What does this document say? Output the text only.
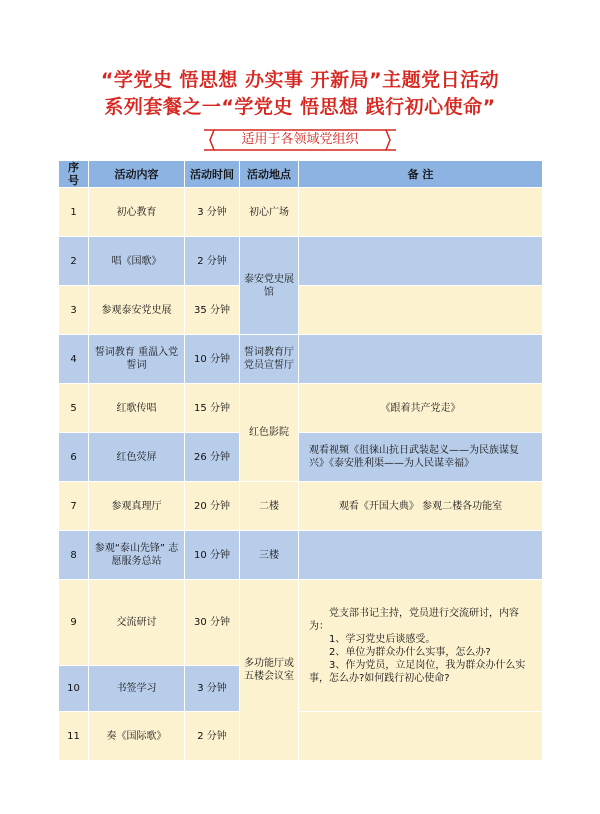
“学党史 悟思想 办实事 开新局”主题党日活动
系列套餐之一“学党史 悟思想 践行初心使命”
适用于各领域党组织
序号	活动内容	活动时间	活动地点	备 注
1	初心教育	3 分钟	初心广场	
2	唱《国歌》	2 分钟	泰安党史展馆	
3	参观泰安党史展	35 分钟		
4	誓词教育 重温入党誓词	10 分钟	誓词教育厅 党员宣誓厅	
5	红歌传唱	15 分钟	红色影院	《跟着共产党走》
6	红色荧屏	26 分钟		观看视频《徂徕山抗日武装起义——为民族谋复兴》《泰安胜利渠——为人民谋幸福》
7	参观真理厅	20 分钟	二楼	观看《开国大典》 参观二楼各功能室
8	参观“泰山先锋” 志愿服务总站	10 分钟	三楼	
9	交流研讨	30 分钟	多功能厅或 五楼会议室	党支部书记主持，党员进行交流研讨，内容为：
1、学习党史后谈感受。
2、单位为群众办什么实事，怎么办?
3、作为党员，立足岗位，我为群众办什么实事，怎么办?如何践行初心使命?

10	书签学习	3 分钟		
11	奏《国际歌》	2 分钟		
